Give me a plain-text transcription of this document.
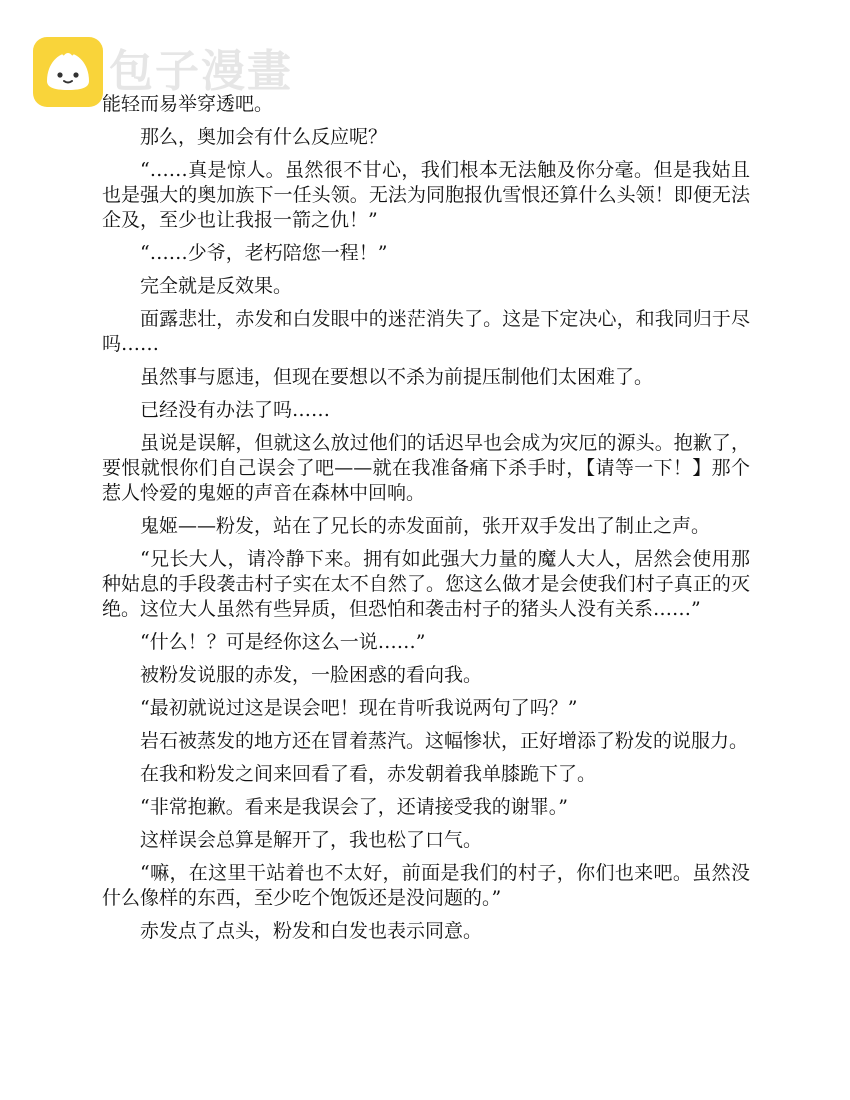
包子漫畫

能轻而易举穿透吧。

那么，奥加会有什么反应呢？

“……真是惊人。虽然很不甘心，我们根本无法触及你分毫。但是我姑且也是强大的奥加族下一任头领。无法为同胞报仇雪恨还算什么头领！即便无法企及，至少也让我报一箭之仇！”

“……少爷，老朽陪您一程！”

完全就是反效果。

面露悲壮，赤发和白发眼中的迷茫消失了。这是下定决心，和我同归于尽吗……

虽然事与愿违，但现在要想以不杀为前提压制他们太困难了。

已经没有办法了吗……

虽说是误解，但就这么放过他们的话迟早也会成为灾厄的源头。抱歉了，要恨就恨你们自己误会了吧——就在我准备痛下杀手时，【请等一下！】那个惹人怜爱的鬼姬的声音在森林中回响。

鬼姬——粉发，站在了兄长的赤发面前，张开双手发出了制止之声。

“兄长大人，请冷静下来。拥有如此强大力量的魔人大人，居然会使用那种姑息的手段袭击村子实在太不自然了。您这么做才是会使我们村子真正的灭绝。这位大人虽然有些异质，但恐怕和袭击村子的猪头人没有关系……”

“什么！？可是经你这么一说……”

被粉发说服的赤发，一脸困惑的看向我。

“最初就说过这是误会吧！现在肯听我说两句了吗？”

岩石被蒸发的地方还在冒着蒸汽。这幅惨状，正好增添了粉发的说服力。

在我和粉发之间来回看了看，赤发朝着我单膝跪下了。

“非常抱歉。看来是我误会了，还请接受我的谢罪。”

这样误会总算是解开了，我也松了口气。

“嘛，在这里干站着也不太好，前面是我们的村子，你们也来吧。虽然没什么像样的东西，至少吃个饱饭还是没问题的。”

赤发点了点头，粉发和白发也表示同意。
